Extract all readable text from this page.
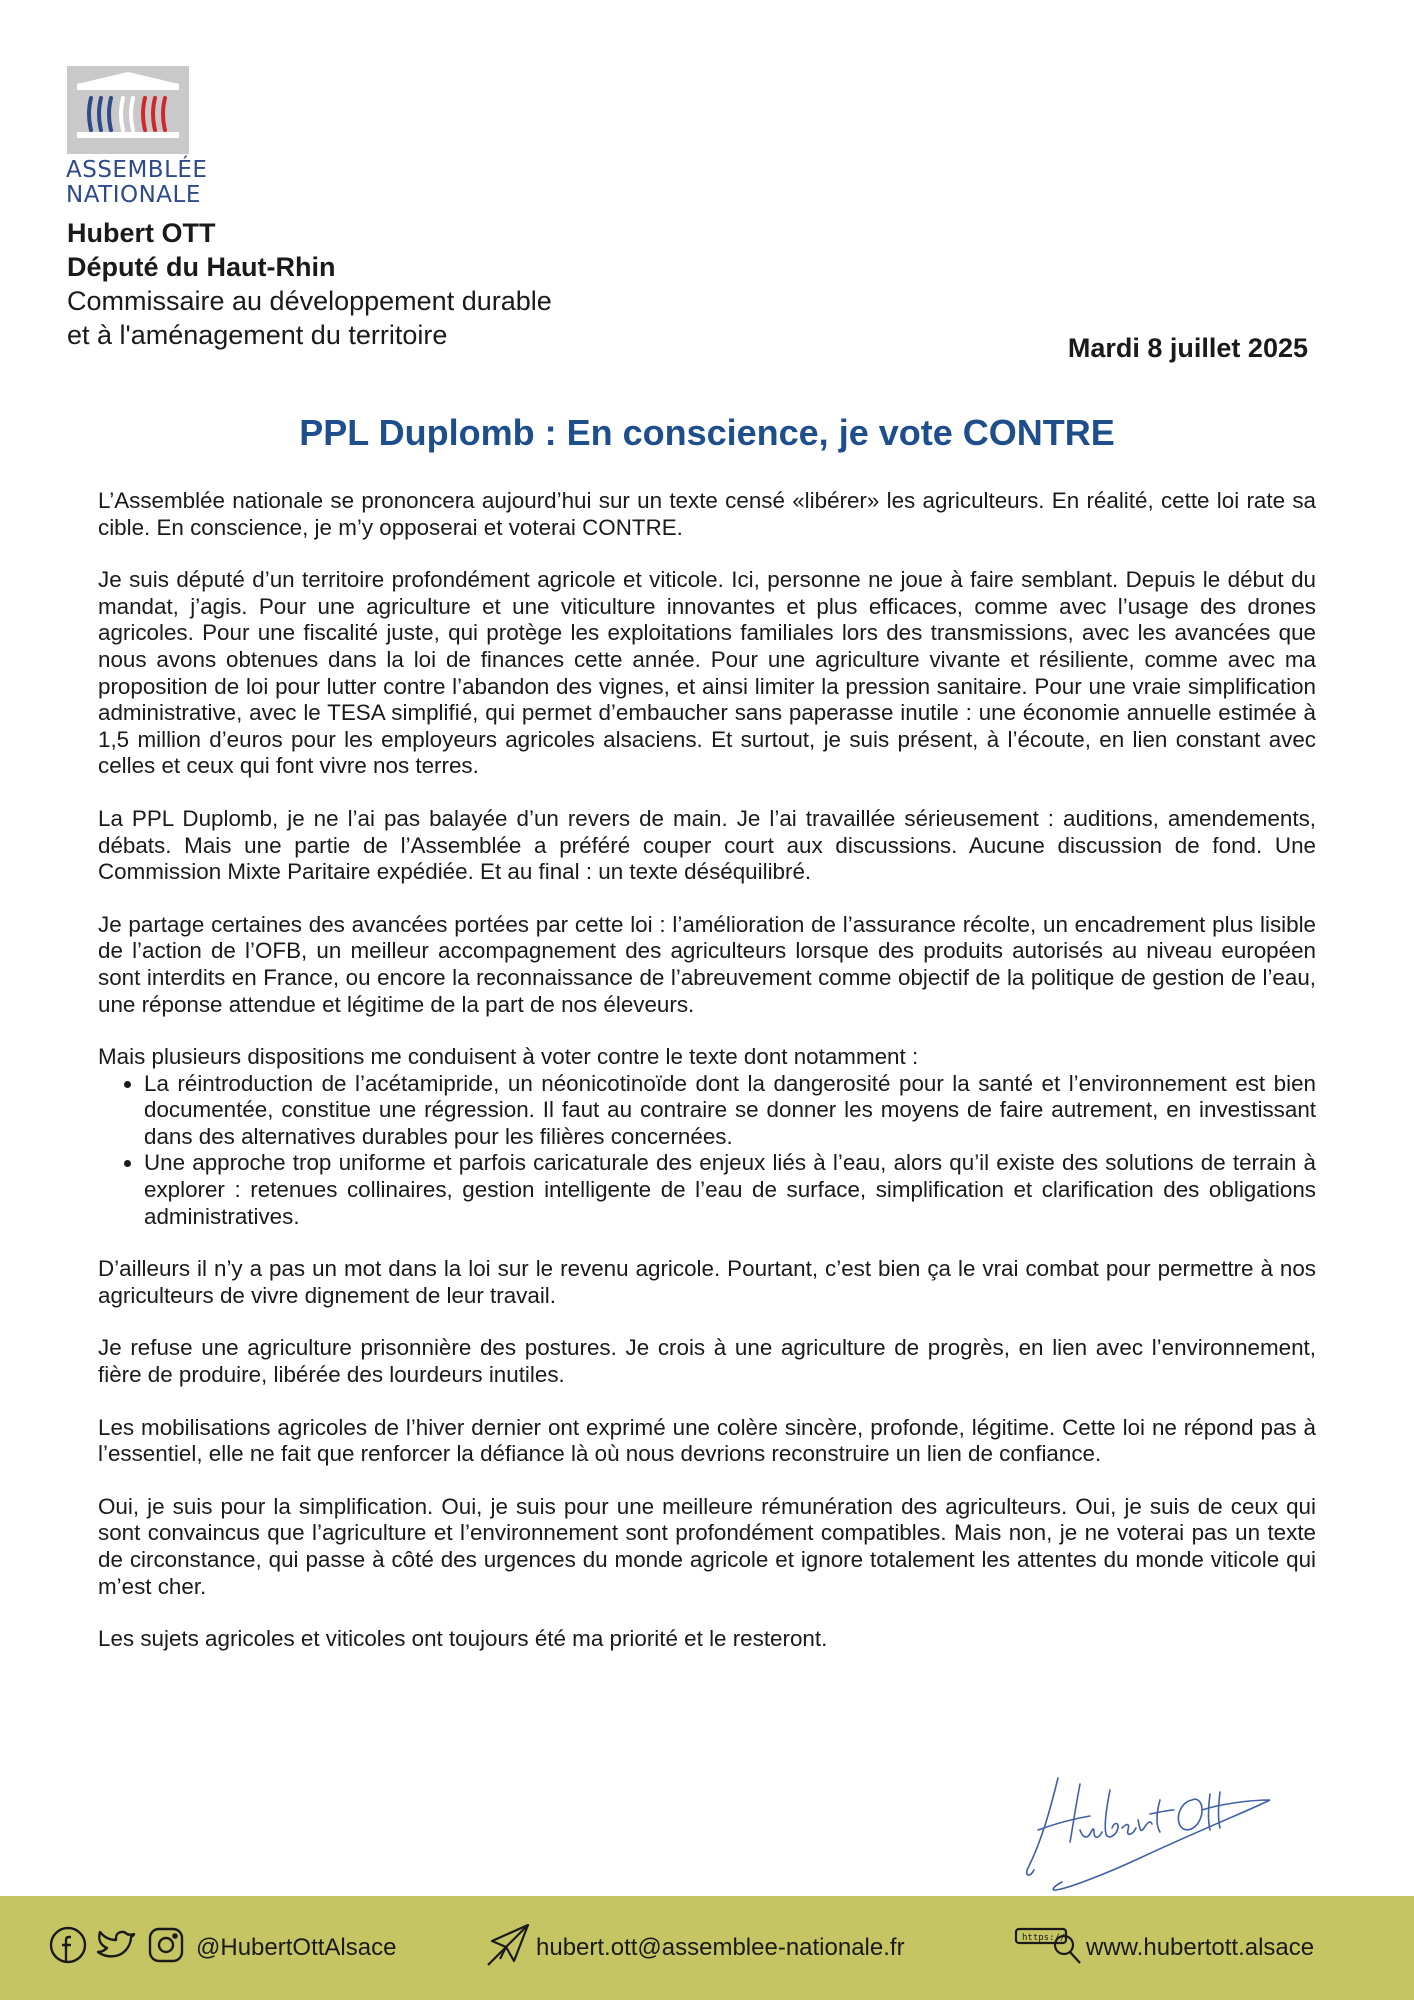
ASSEMBLÉE NATIONALE
Hubert OTT
Député du Haut-Rhin
Commissaire au développement durable
et à l'aménagement du territoire	Mardi 8 juillet 2025
PPL Duplomb : En conscience, je vote CONTRE

L’Assemblée nationale se prononcera aujourd’hui sur un texte censé «libérer» les agriculteurs. En réalité, cette loi rate sa cible. En conscience, je m’y opposerai et voterai CONTRE.

Je suis député d’un territoire profondément agricole et viticole. Ici, personne ne joue à faire semblant. Depuis le début du mandat, j’agis. Pour une agriculture et une viticulture innovantes et plus efficaces, comme avec l’usage des drones agricoles. Pour une fiscalité juste, qui protège les exploitations familiales lors des transmissions, avec les avancées que nous avons obtenues dans la loi de finances cette année. Pour une agriculture vivante et résiliente, comme avec ma proposition de loi pour lutter contre l’abandon des vignes, et ainsi limiter la pression sanitaire. Pour une vraie simplification administrative, avec le TESA simplifié, qui permet d’embaucher sans paperasse inutile : une économie annuelle estimée à 1,5 million d’euros pour les employeurs agricoles alsaciens. Et surtout, je suis présent, à l’écoute, en lien constant avec celles et ceux qui font vivre nos terres.

La PPL Duplomb, je ne l’ai pas balayée d’un revers de main. Je l’ai travaillée sérieusement : auditions, amendements, débats. Mais une partie de l’Assemblée a préféré couper court aux discussions. Aucune discussion de fond. Une Commission Mixte Paritaire expédiée. Et au final : un texte déséquilibré.

Je partage certaines des avancées portées par cette loi : l’amélioration de l’assurance récolte, un encadrement plus lisible de l’action de l’OFB, un meilleur accompagnement des agriculteurs lorsque des produits autorisés au niveau européen sont interdits en France, ou encore la reconnaissance de l’abreuvement comme objectif de la politique de gestion de l’eau, une réponse attendue et légitime de la part de nos éleveurs.

Mais plusieurs dispositions me conduisent à voter contre le texte dont notamment :

• La réintroduction de l’acétamipride, un néonicotinoïde dont la dangerosité pour la santé et l’environnement est bien documentée, constitue une régression. Il faut au contraire se donner les moyens de faire autrement, en investissant dans des alternatives durables pour les filières concernées.
• Une approche trop uniforme et parfois caricaturale des enjeux liés à l’eau, alors qu’il existe des solutions de terrain à explorer : retenues collinaires, gestion intelligente de l’eau de surface, simplification et clarification des obligations administratives.

D’ailleurs il n’y a pas un mot dans la loi sur le revenu agricole. Pourtant, c’est bien ça le vrai combat pour permettre à nos agriculteurs de vivre dignement de leur travail.

Je refuse une agriculture prisonnière des postures. Je crois à une agriculture de progrès, en lien avec l’environnement, fière de produire, libérée des lourdeurs inutiles.

Les mobilisations agricoles de l’hiver dernier ont exprimé une colère sincère, profonde, légitime. Cette loi ne répond pas à l’essentiel, elle ne fait que renforcer la défiance là où nous devrions reconstruire un lien de confiance.

Oui, je suis pour la simplification. Oui, je suis pour une meilleure rémunération des agriculteurs. Oui, je suis de ceux qui sont convaincus que l’agriculture et l’environnement sont profondément compatibles. Mais non, je ne voterai pas un texte de circonstance, qui passe à côté des urgences du monde agricole et ignore totalement les attentes du monde viticole qui m’est cher.

Les sujets agricoles et viticoles ont toujours été ma priorité et le resteront.

@HubertOttAlsace	hubert.ott@assemblee-nationale.fr	https:// www.hubertott.alsace
